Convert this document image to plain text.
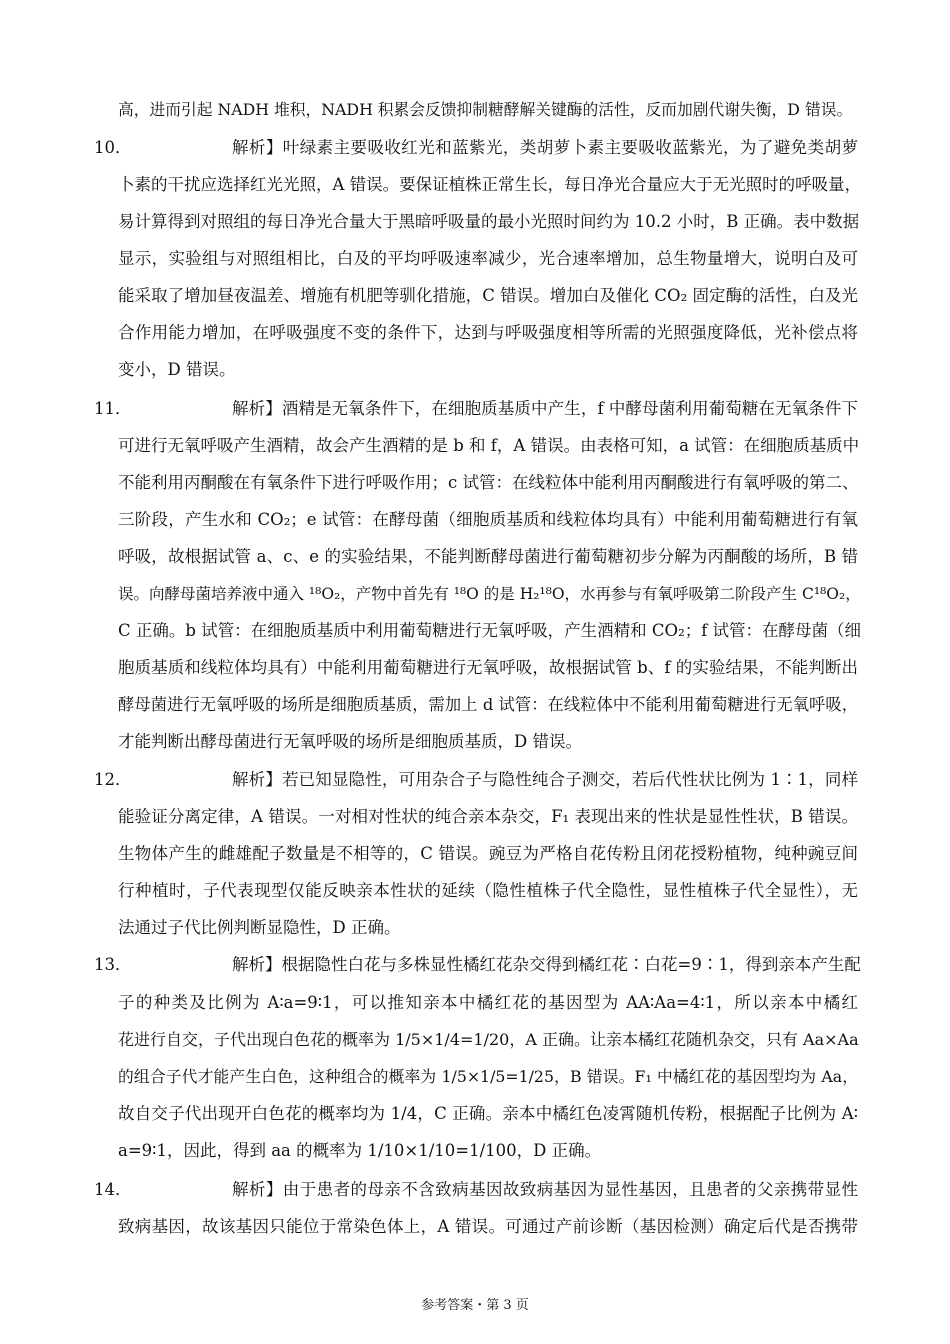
高，进而引起 NADH 堆积，NADH 积累会反馈抑制糖酵解关键酶的活性，反而加剧代谢失衡，D 错误。
10．	解析】叶绿素主要吸收红光和蓝紫光，类胡萝卜素主要吸收蓝紫光，为了避免类胡萝
卜素的干扰应选择红光光照，A 错误。要保证植株正常生长，每日净光合量应大于无光照时的呼吸量，
易计算得到对照组的每日净光合量大于黑暗呼吸量的最小光照时间约为 10.2 小时，B 正确。表中数据
显示，实验组与对照组相比，白及的平均呼吸速率减少，光合速率增加，总生物量增大，说明白及可
能采取了增加昼夜温差、增施有机肥等驯化措施，C 错误。增加白及催化 CO₂ 固定酶的活性，白及光
合作用能力增加，在呼吸强度不变的条件下，达到与呼吸强度相等所需的光照强度降低，光补偿点将
变小，D 错误。
11．	解析】酒精是无氧条件下，在细胞质基质中产生，f 中酵母菌利用葡萄糖在无氧条件下
可进行无氧呼吸产生酒精，故会产生酒精的是 b 和 f，A 错误。由表格可知，a 试管：在细胞质基质中
不能利用丙酮酸在有氧条件下进行呼吸作用；c 试管：在线粒体中能利用丙酮酸进行有氧呼吸的第二、
三阶段，产生水和 CO₂；e 试管：在酵母菌（细胞质基质和线粒体均具有）中能利用葡萄糖进行有氧
呼吸，故根据试管 a、c、e 的实验结果，不能判断酵母菌进行葡萄糖初步分解为丙酮酸的场所，B 错
误。向酵母菌培养液中通入 ¹⁸O₂，产物中首先有 ¹⁸O 的是 H₂¹⁸O，水再参与有氧呼吸第二阶段产生 C¹⁸O₂，
C 正确。b 试管：在细胞质基质中利用葡萄糖进行无氧呼吸，产生酒精和 CO₂；f 试管：在酵母菌（细
胞质基质和线粒体均具有）中能利用葡萄糖进行无氧呼吸，故根据试管 b、f 的实验结果，不能判断出
酵母菌进行无氧呼吸的场所是细胞质基质，需加上 d 试管：在线粒体中不能利用葡萄糖进行无氧呼吸，
才能判断出酵母菌进行无氧呼吸的场所是细胞质基质，D 错误。
12．	解析】若已知显隐性，可用杂合子与隐性纯合子测交，若后代性状比例为 1∶1，同样
能验证分离定律，A 错误。一对相对性状的纯合亲本杂交，F₁ 表现出来的性状是显性性状，B 错误。
生物体产生的雌雄配子数量是不相等的，C 错误。豌豆为严格自花传粉且闭花授粉植物，纯种豌豆间
行种植时，子代表现型仅能反映亲本性状的延续（隐性植株子代全隐性，显性植株子代全显性），无
法通过子代比例判断显隐性，D 正确。
13．	解析】根据隐性白花与多株显性橘红花杂交得到橘红花∶白花=9∶1，得到亲本产生配
子的种类及比例为 A∶a=9∶1，可以推知亲本中橘红花的基因型为 AA∶Aa=4∶1，所以亲本中橘红
花进行自交，子代出现白色花的概率为 1/5×1/4=1/20，A 正确。让亲本橘红花随机杂交，只有 Aa×Aa
的组合子代才能产生白色，这种组合的概率为 1/5×1/5=1/25，B 错误。F₁ 中橘红花的基因型均为 Aa，
故自交子代出现开白色花的概率均为 1/4，C 正确。亲本中橘红色凌霄随机传粉，根据配子比例为 A∶
a=9∶1，因此，得到 aa 的概率为 1/10×1/10=1/100，D 正确。
14．	解析】由于患者的母亲不含致病基因故致病基因为显性基因，且患者的父亲携带显性
致病基因，故该基因只能位于常染色体上，A 错误。可通过产前诊断（基因检测）确定后代是否携带
参考答案・第 3 页
